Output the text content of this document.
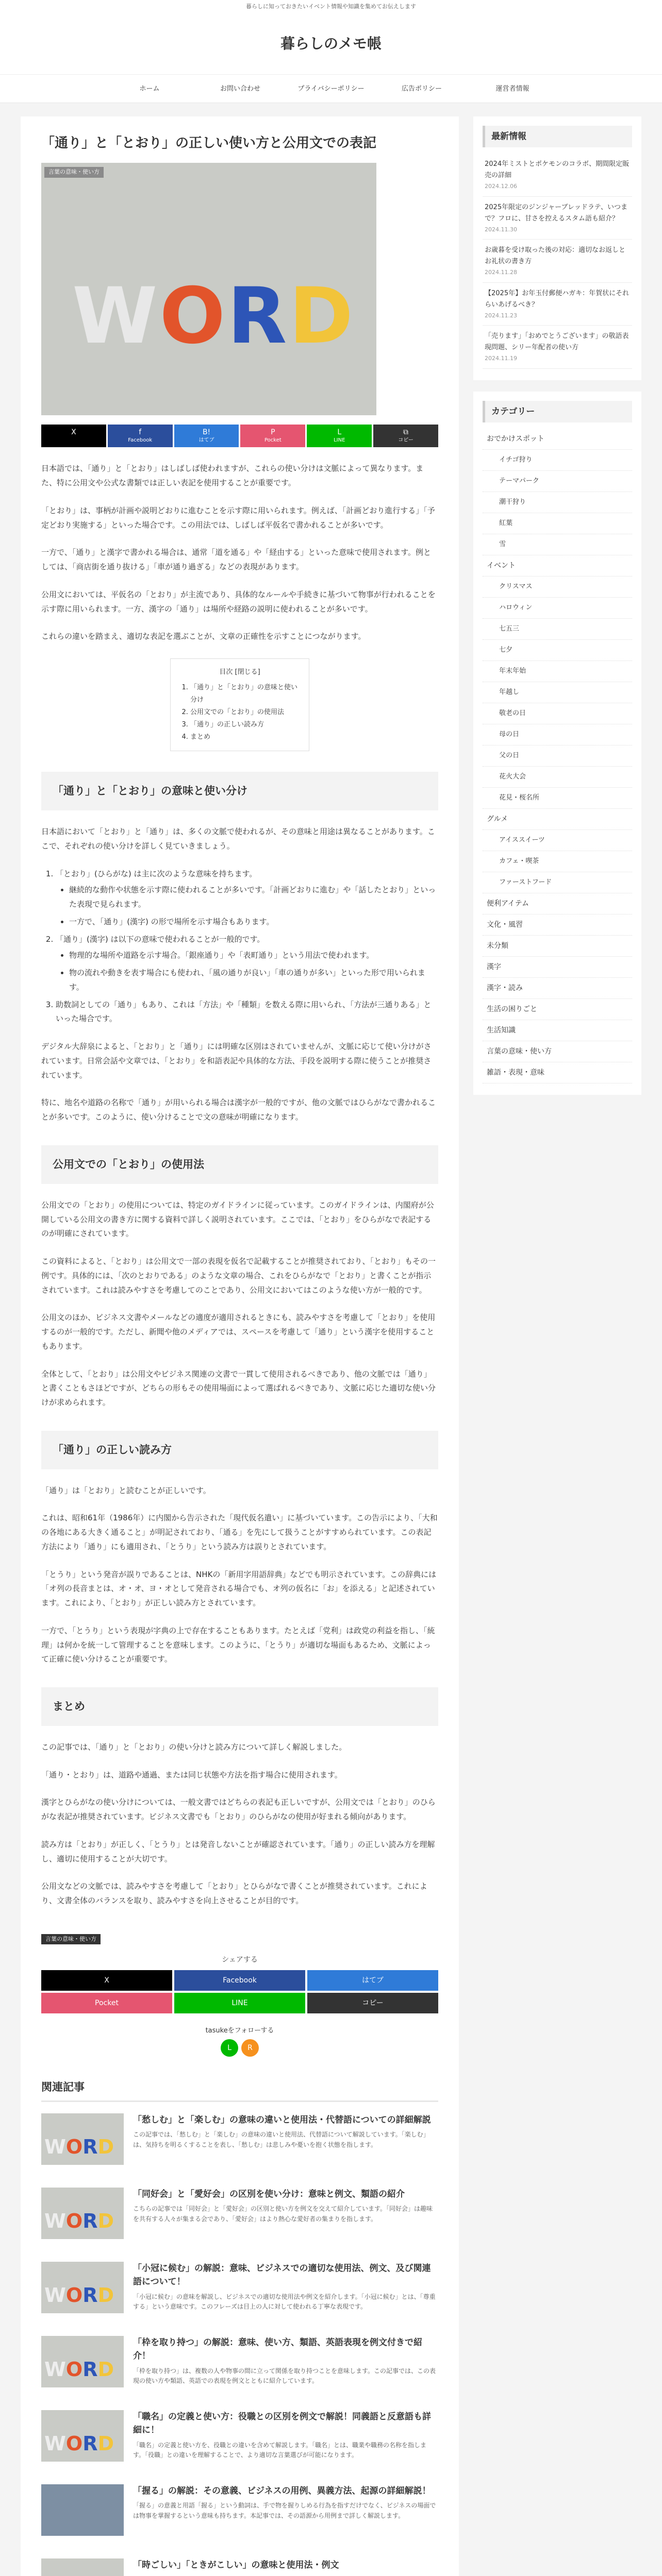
暮らしに知っておきたいイベント情報や知識を集めてお伝えします
暮らしのメモ帳
ホーム	お問い合わせ	プライバシーポリシー	広告ポリシー	運営者情報
「通り」と「とおり」の正しい使い方と公用文での表記
言葉の意味・使い方
WORD
X	f
Facebook
B!
はてブ
P
Pocket
L
LINE
⧉
コピー

日本語では、「通り」と「とおり」はしばしば使われますが、これらの使い分けは文脈によって異なります。また、特に公用文や公式な書類では正しい表記を使用することが重要です。

「とおり」は、事柄が計画や説明どおりに進むことを示す際に用いられます。例えば、「計画どおり進行する」「予定どおり実施する」といった場合です。この用法では、しばしば平仮名で書かれることが多いです。

一方で、「通り」と漢字で書かれる場合は、通常「道を通る」や「経由する」といった意味で使用されます。例としては、「商店街を通り抜ける」「車が通り過ぎる」などの表現があります。

公用文においては、平仮名の「とおり」が主流であり、具体的なルールや手続きに基づいて物事が行われることを示す際に用いられます。一方、漢字の「通り」は場所や経路の説明に使われることが多いです。

これらの違いを踏まえ、適切な表記を選ぶことが、文章の正確性を示すことにつながります。

目次 [閉じる]
1. 「通り」と「とおり」の意味と使い分け
2. 公用文での「とおり」の使用法
3. 「通り」の正しい読み方
4. まとめ
「通り」と「とおり」の意味と使い分け

日本語において「とおり」と「通り」は、多くの文脈で使われるが、その意味と用途は異なることがあります。ここで、それぞれの使い分けを詳しく見ていきましょう。

1. 「とおり」(ひらがな) は主に次のような意味を持ちます。
• 継続的な動作や状態を示す際に使われることが多いです。「計画どおりに進む」や「話したとおり」といった表現で見られます。
• 一方で、「通り」(漢字) の形で場所を示す場合もあります。
2. 「通り」(漢字) は以下の意味で使われることが一般的です。
• 物理的な場所や道路を示す場合。「銀座通り」や「表町通り」という用法で使われます。
• 物の流れや動きを表す場合にも使われ、「風の通りが良い」「車の通りが多い」といった形で用いられます。
3. 助数詞としての「通り」もあり、これは「方法」や「種類」を数える際に用いられ、「方法が三通りある」といった場合です。

デジタル大辞泉によると、「とおり」と「通り」には明確な区別はされていませんが、文脈に応じて使い分けがされています。日常会話や文章では、「とおり」を和語表記や具体的な方法、手段を説明する際に使うことが推奨されています。

特に、地名や道路の名称で「通り」が用いられる場合は漢字が一般的ですが、他の文脈ではひらがなで書かれることが多いです。このように、使い分けることで文の意味が明確になります。

公用文での「とおり」の使用法

公用文での「とおり」の使用については、特定のガイドラインに従っています。このガイドラインは、内閣府が公開している公用文の書き方に関する資料で詳しく説明されています。ここでは、「とおり」をひらがなで表記するのが明確にされています。

この資料によると、「とおり」は公用文で一部の表現を仮名で記載することが推奨されており、「とおり」もその一例です。具体的には、「次のとおりである」のような文章の場合、これをひらがなで「とおり」と書くことが指示されています。これは読みやすさを考慮してのことであり、公用文においてはこのような使い方が一般的です。

公用文のほか、ビジネス文書やメールなどの適度が適用されるときにも、読みやすさを考慮して「とおり」を使用するのが一般的です。ただし、新聞や他のメディアでは、スペースを考慮して「通り」という漢字を使用することもあります。

全体として、「とおり」は公用文やビジネス関連の文書で一貫して使用されるべきであり、他の文脈では「通り」と書くこともさほどですが、どちらの形もその使用場面によって選ばれるべきであり、文脈に応じた適切な使い分けが求められます。

「通り」の正しい読み方

「通り」は「とおり」と読むことが正しいです。

これは、昭和61年（1986年）に内閣から告示された「現代仮名遣い」に基づいています。この告示により、「大和の各地にある大きく通ること」が明記されており、「通る」を先にして扱うことがすすめられています。この表記方法により「通り」にも適用され、「とうり」という読み方は誤りとされています。

「とうり」という発音が誤りであることは、NHKの「新用字用語辞典」などでも明示されています。この辞典には「オ列の長音まとは、オ・オ、ヨ・オとして発音される場合でも、オ列の仮名に「お」を添える」と記述されています。これにより、「とおり」が正しい読み方とされています。

一方で、「とうり」という表現が字典の上で存在することもあります。たとえば「党利」は政党の利益を指し、「統理」は何かを統一して管理することを意味します。このように、「とうり」が適切な場面もあるため、文脈によって正確に使い分けることが重要です。

まとめ

この記事では、「通り」と「とおり」の使い分けと読み方について詳しく解説しました。

「通り・とおり」は、道路や通過、または同じ状態や方法を指す場合に使用されます。

漢字とひらがなの使い分けについては、一般文書ではどちらの表記も正しいですが、公用文では「とおり」のひらがな表記が推奨されています。ビジネス文書でも「とおり」のひらがなの使用が好まれる傾向があります。

読み方は「とおり」が正しく、「とうり」とは発音しないことが確認されています。「通り」の正しい読み方を理解し、適切に使用することが大切です。

公用文などの文脈では、読みやすさを考慮して「とおり」とひらがなで書くことが推奨されています。これにより、文書全体のバランスを取り、読みやすさを向上させることが目的です。

言葉の意味・使い方
シェアする
X	Facebook	はてブ
Pocket	LINE	コピー
tasukeをフォローする
L R
関連記事
WORD
「愁しむ」と「楽しむ」の意味の違いと使用法・代替語についての詳細解説

この記事では、「愁しむ」と「楽しむ」の意味の違いと使用法、代替語について解説しています。「楽しむ」は、気持ちを明るくすることを表し、「愁しむ」は悲しみや憂いを抱く状態を指します。

WORD
「同好会」と「愛好会」の区別を使い分け：意味と例文、類語の紹介

こちらの記事では「同好会」と「愛好会」の区別と使い方を例文を交えて紹介しています。「同好会」は趣味を共有する人々が集まる会であり、「愛好会」はより熱心な愛好者の集まりを指します。

WORD
「小冠に候む」の解説：意味、ビジネスでの適切な使用法、例文、及び関連語について！

「小冠に候む」の意味を解説し、ビジネスでの適切な使用法や例文を紹介します。「小冠に候む」とは、「尊重する」という意味です。このフレーズは目上の人に対して使われる丁寧な表現です。

WORD
「枠を取り持つ」の解説：意味、使い方、類語、英語表現を例文付きで紹介！

「枠を取り持つ」は、複数の人や物事の間に立って関係を取り持つことを意味します。この記事では、この表現の使い方や類語、英語での表現を例文とともに紹介しています。

WORD
「職名」の定義と使い方：役職との区別を例文で解説！同義語と反意語も詳細に！

「職名」の定義と使い方を、役職との違いを含めて解説します。「職名」とは、職業や職務の名称を指します。「役職」との違いを理解することで、より適切な言葉選びが可能になります。

「握る」の解説：その意義、ビジネスの用例、異義方法、起源の詳細解説！

「握る」の意義と用語「握る」という動詞は、手で物を握りしめる行為を指すだけでなく、ビジネスの場面では物事を掌握するという意味も持ちます。本記事では、その語源から用例まで詳しく解説します。

「時ごしい」「ときがこしい」の意味と使用法・例文

最新情報
2024年ミストとポケモンのコラボ、期間限定販売の詳細
2024.12.06
2025年限定のジンジャーブレッドラテ、いつまで？フロに、甘さを控えるスタム語も紹介？
2024.11.30
お歳暮を受け取った後の対応：適切なお返しとお礼状の書き方
2024.11.28
【2025年】お年玉付郵便ハガキ：年賀状にそれらいあげるべき？
2024.11.23
「売ります」「おめでとうございます」の敬語表現問題、シリー年配者の使い方
2024.11.19
カテゴリー
おでかけスポット
イチゴ狩り
テーマパーク
潮干狩り
紅葉
雪
イベント
クリスマス
ハロウィン
七五三
七夕
年末年始
年越し
敬老の日
母の日
父の日
花火大会
花見・桜名所
グルメ
アイススイーツ
カフェ・喫茶
ファーストフード
便利アイテム
文化・風習
未分類
漢字
漢字・読み
生活の困りごと
生活知識
言葉の意味・使い方
雑語・表現・意味
